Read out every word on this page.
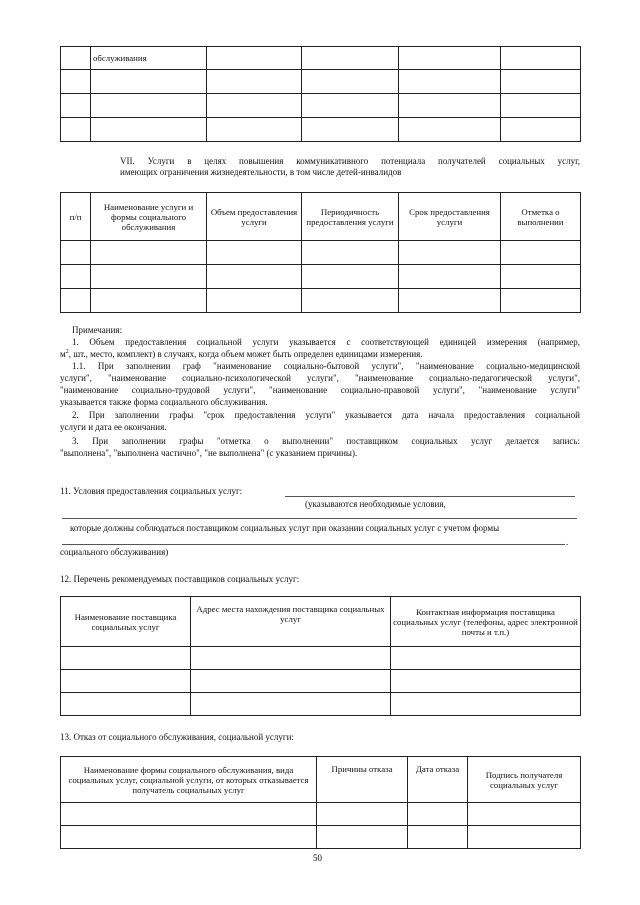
	обслуживания				

VII. Услуги в целях повышения коммуникативного потенциала получателей социальных услуг,
имеющих ограничения жизнедеятельности, в том числе детей-инвалидов
п/п	Наименование услуги и формы социального обслуживания	Объем предоставления услуги	Периодичность предоставления услуги	Срок предоставления услуги	Отметка о выполнении

Примечания:
1. Объем предоставления социальной услуги указывается с соответствующей единицей измерения (например,
$м^2$, шт., место, комплект) в случаях, когда объем может быть определен единицами измерения.
1.1. При заполнении граф "наименование социально-бытовой услуги", "наименование социально-медицинской
услуги", "наименование социально-психологической услуги", "наименование социально-педагогической услуги",
"наименование социально-трудовой услуги", "наименование социально-правовой услуги", "наименование услуги"
указывается также форма социального обслуживания.
2. При заполнении графы "срок предоставления услуги" указывается дата начала предоставления социальной
услуги и дата ее окончания.
3. При заполнении графы "отметка о выполнении" поставщиком социальных услуг делается запись:
"выполнена", "выполнена частично", "не выполнена" (с указанием причины).
11. Условия предоставления социальных услуг:
(указываются необходимые условия,
которые должны соблюдаться поставщиком социальных услуг при оказании социальных услуг с учетом формы
.
социального обслуживания)
12. Перечень рекомендуемых поставщиков социальных услуг:
Наименование поставщика социальных услуг	Адрес места нахождения поставщика социальных услуг	Контактная информация поставщика социальных услуг (телефоны, адрес электронной почты и т.п.)

13. Отказ от социального обслуживания, социальной услуги:
Наименование формы социального обслуживания, вида социальных услуг, социальной услуги, от которых отказывается получатель социальных услуг	Причины отказа	Дата отказа	Подпись получателя социальных услуг

50
